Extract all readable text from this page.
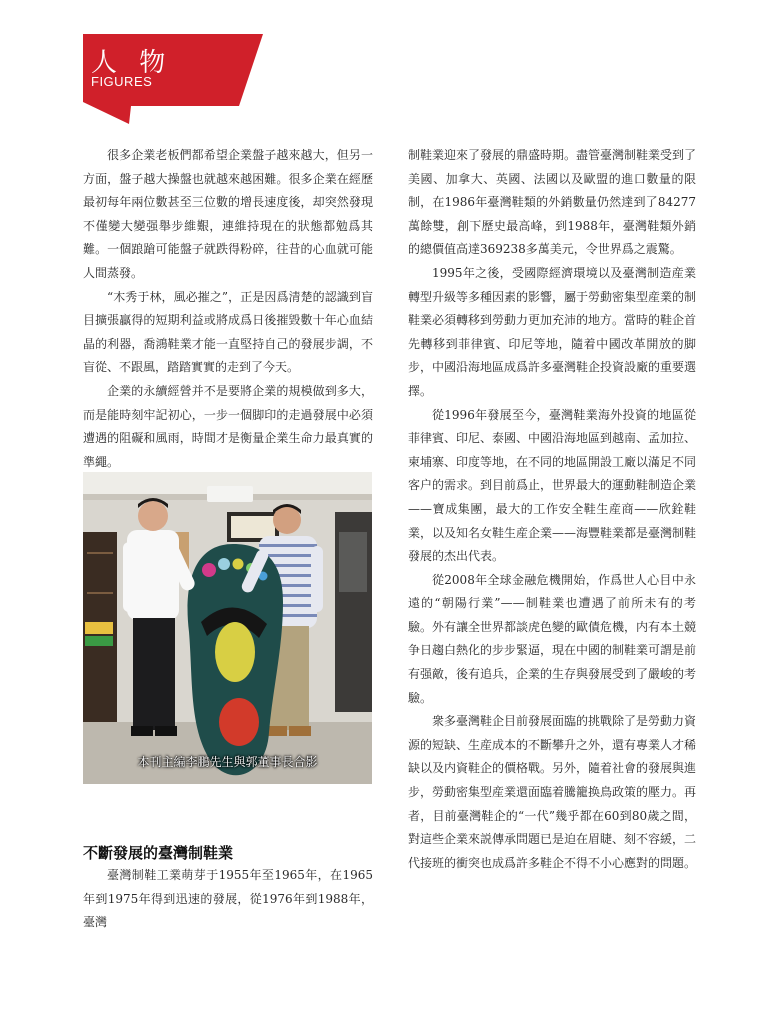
人 物
FIGURES

很多企業老板們都希望企業盤子越來越大，但另一方面，盤子越大操盤也就越來越困難。很多企業在經歷最初每年兩位數甚至三位數的增長速度後，却突然發現不僅變大變强舉步維艱，連維持現在的狀態都勉爲其難。一個踉蹌可能盤子就跌得粉碎，往昔的心血就可能人間蒸發。

“木秀于林，風必摧之”，正是因爲清楚的認識到盲目擴張贏得的短期利益或將成爲日後摧毀數十年心血結晶的利器，喬鴻鞋業才能一直堅持自己的發展步調，不盲從、不跟風，踏踏實實的走到了今天。

企業的永續經營并不是要將企業的規模做到多大，而是能時刻牢記初心，一步一個脚印的走過發展中必須遭遇的阻礙和風雨，時間才是衡量企業生命力最真實的準繩。

本刊主編李鵬先生與郭董事長合影
不斷發展的臺灣制鞋業

臺灣制鞋工業萌芽于1955年至1965年，在1965年到1975年得到迅速的發展，從1976年到1988年，臺灣

制鞋業迎來了發展的鼎盛時期。盡管臺灣制鞋業受到了美國、加拿大、英國、法國以及歐盟的進口數量的限制，在1986年臺灣鞋類的外銷數量仍然達到了84277萬餘雙，創下歷史最高峰，到1988年，臺灣鞋類外銷的總價值高達369238多萬美元，令世界爲之震驚。

1995年之後，受國際經濟環境以及臺灣制造産業轉型升級等多種因素的影響，屬于勞動密集型産業的制鞋業必須轉移到勞動力更加充沛的地方。當時的鞋企首先轉移到菲律賓、印尼等地，隨着中國改革開放的脚步，中國沿海地區成爲許多臺灣鞋企投資設廠的重要選擇。

從1996年發展至今，臺灣鞋業海外投資的地區從菲律賓、印尼、泰國、中國沿海地區到越南、孟加拉、柬埔寨、印度等地，在不同的地區開設工廠以滿足不同客户的需求。到目前爲止，世界最大的運動鞋制造企業——寶成集團，最大的工作安全鞋生産商——欣銓鞋業，以及知名女鞋生産企業——海豐鞋業都是臺灣制鞋發展的杰出代表。

從2008年全球金融危機開始，作爲世人心目中永遠的“朝陽行業”——制鞋業也遭遇了前所未有的考驗。外有讓全世界都談虎色變的歐債危機，内有本土競争日趨白熱化的步步緊逼，現在中國的制鞋業可謂是前有强敵，後有追兵，企業的生存與發展受到了嚴峻的考驗。

衆多臺灣鞋企目前發展面臨的挑戰除了是勞動力資源的短缺、生産成本的不斷攀升之外，還有專業人才稀缺以及内資鞋企的價格戰。另外，隨着社會的發展與進步，勞動密集型産業還面臨着騰籠换鳥政策的壓力。再者，目前臺灣鞋企的“一代”幾乎都在60到80歲之間，對這些企業來説傳承問題已是迫在眉睫、刻不容緩，二代接班的衝突也成爲許多鞋企不得不小心應對的問題。
